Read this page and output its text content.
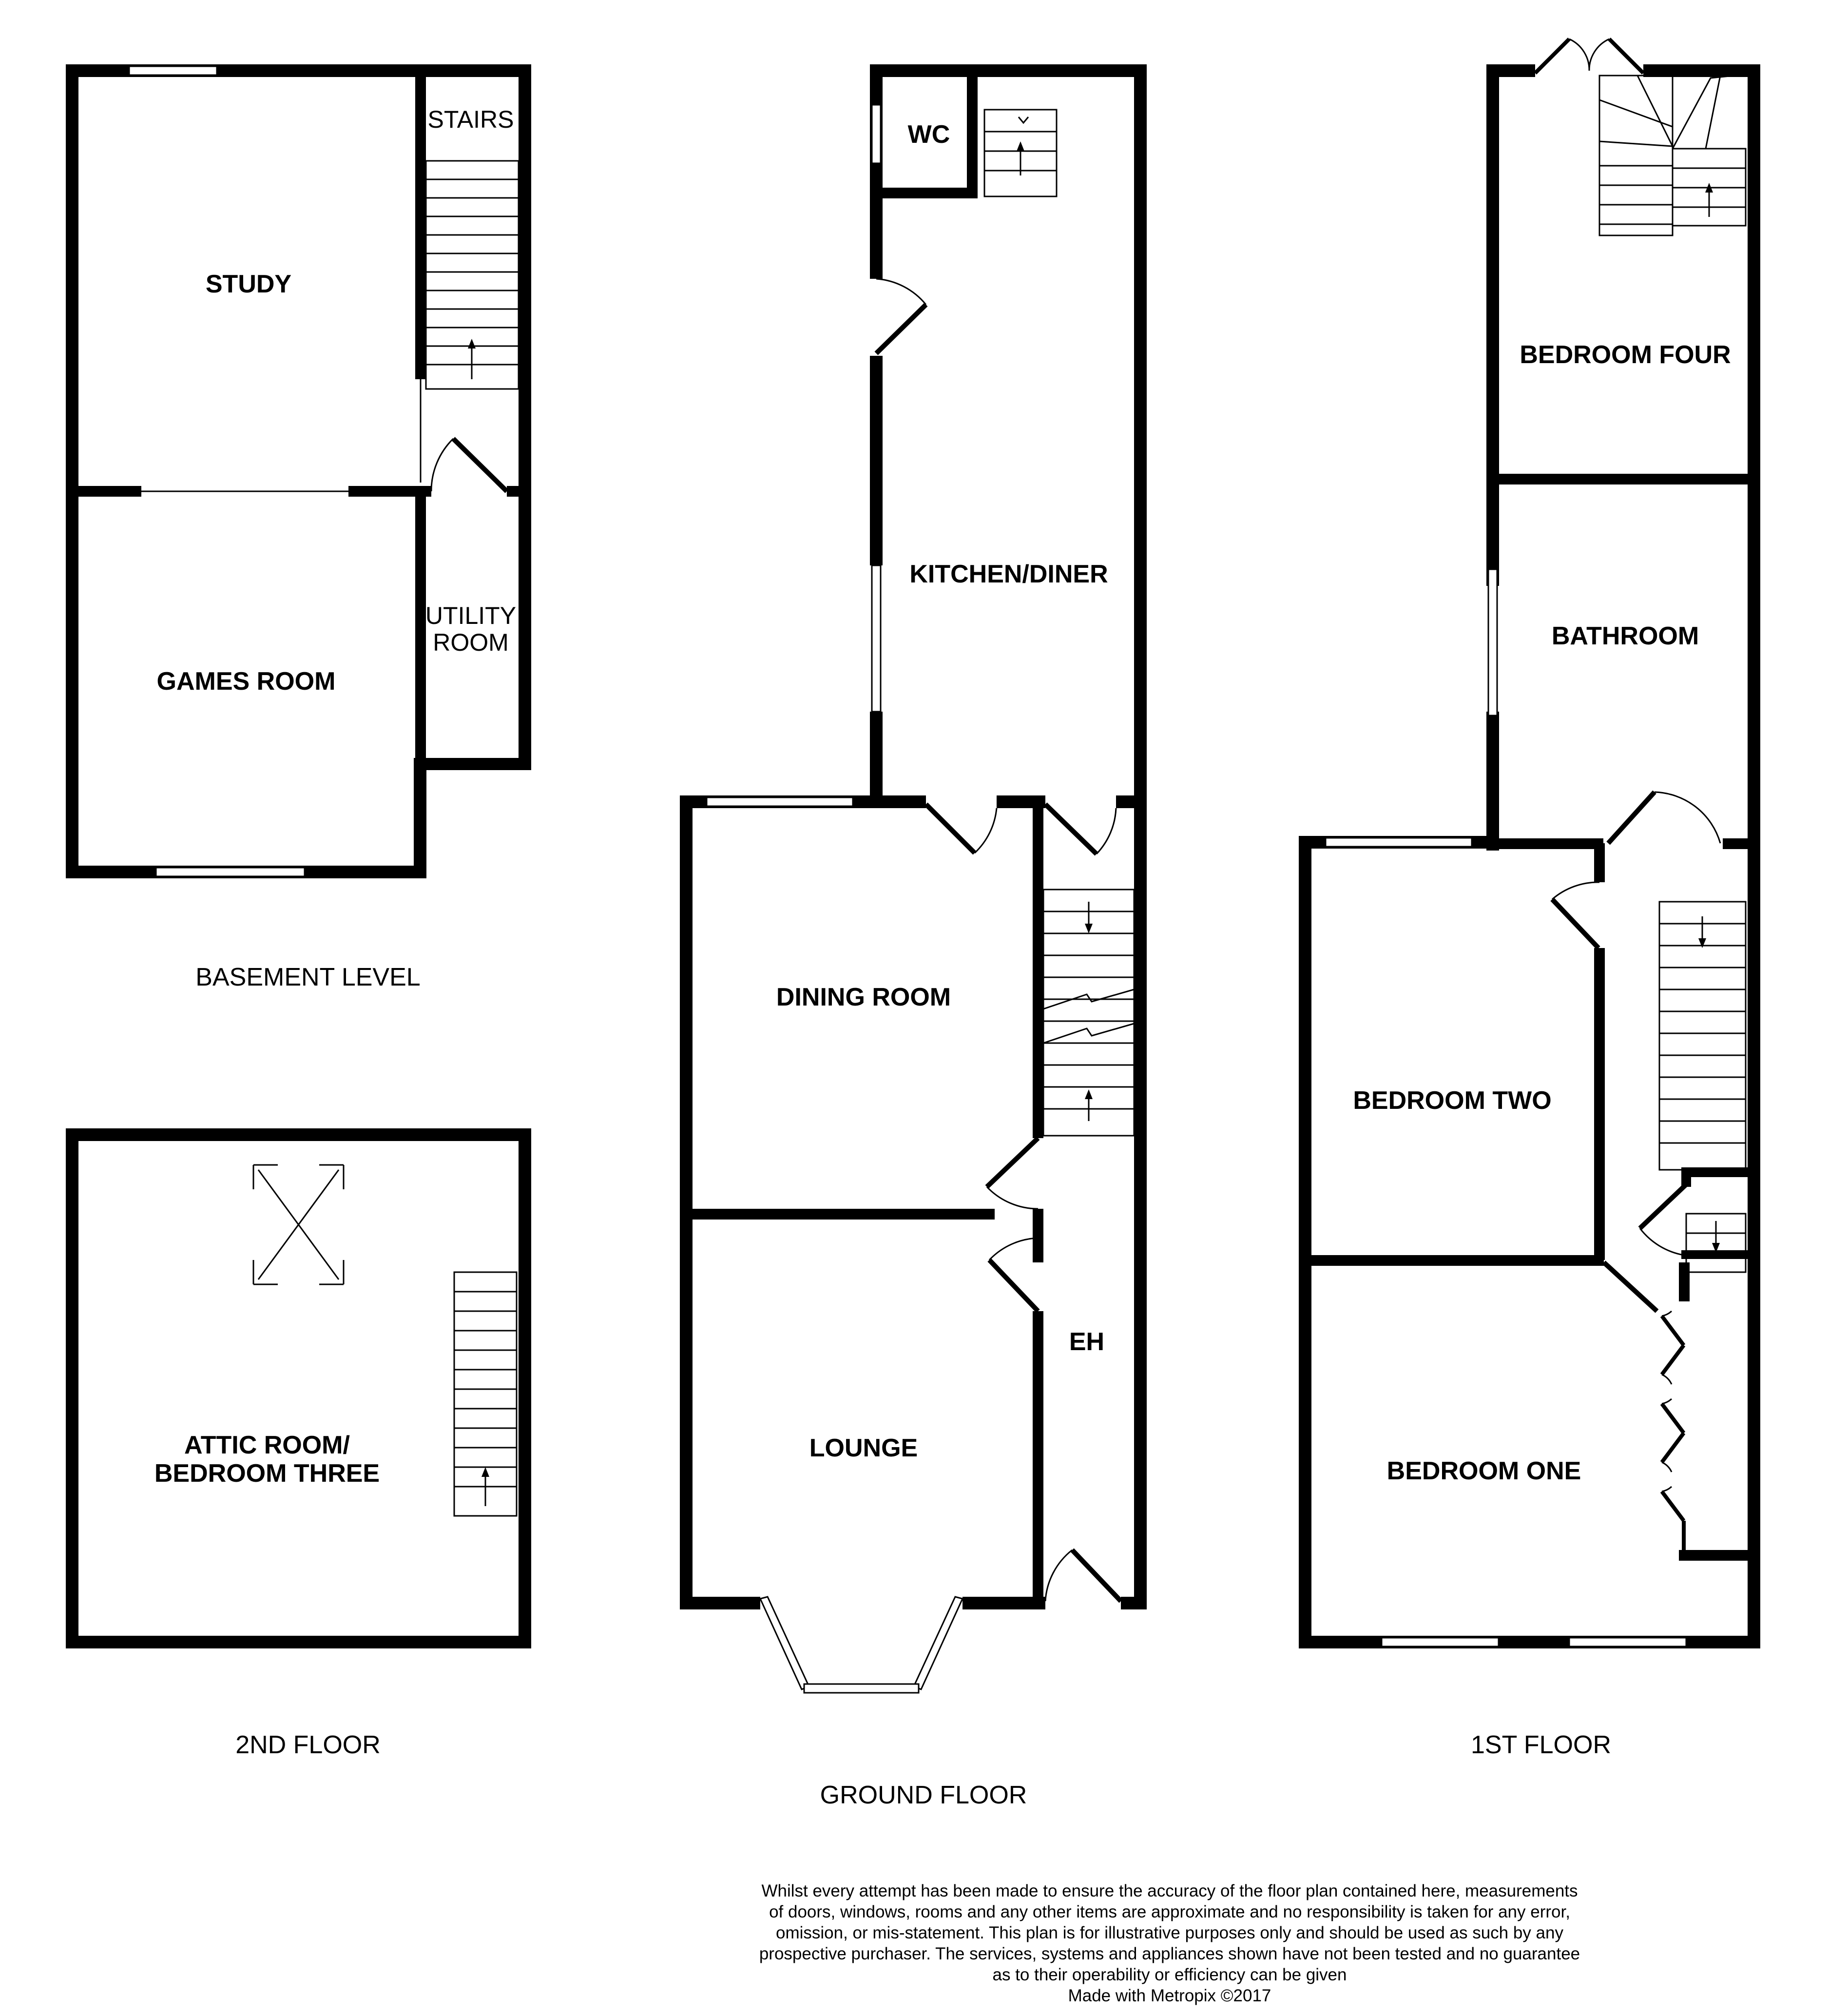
STUDY
STAIRS
GAMES ROOM
UTILITY
ROOM
BASEMENT LEVEL
ATTIC ROOM/
BEDROOM THREE
2ND FLOOR
WC
KITCHEN/DINER
DINING ROOM
LOUNGE
EH
GROUND FLOOR
BEDROOM FOUR
BATHROOM
BEDROOM TWO
BEDROOM ONE
1ST FLOOR
Whilst every attempt has been made to ensure the accuracy of the floor plan contained here, measurements
of doors, windows, rooms and any other items are approximate and no responsibility is taken for any error,
omission, or mis-statement. This plan is for illustrative purposes only and should be used as such by any
prospective purchaser. The services, systems and appliances shown have not been tested and no guarantee
as to their operability or efficiency can be given
Made with Metropix ©2017
